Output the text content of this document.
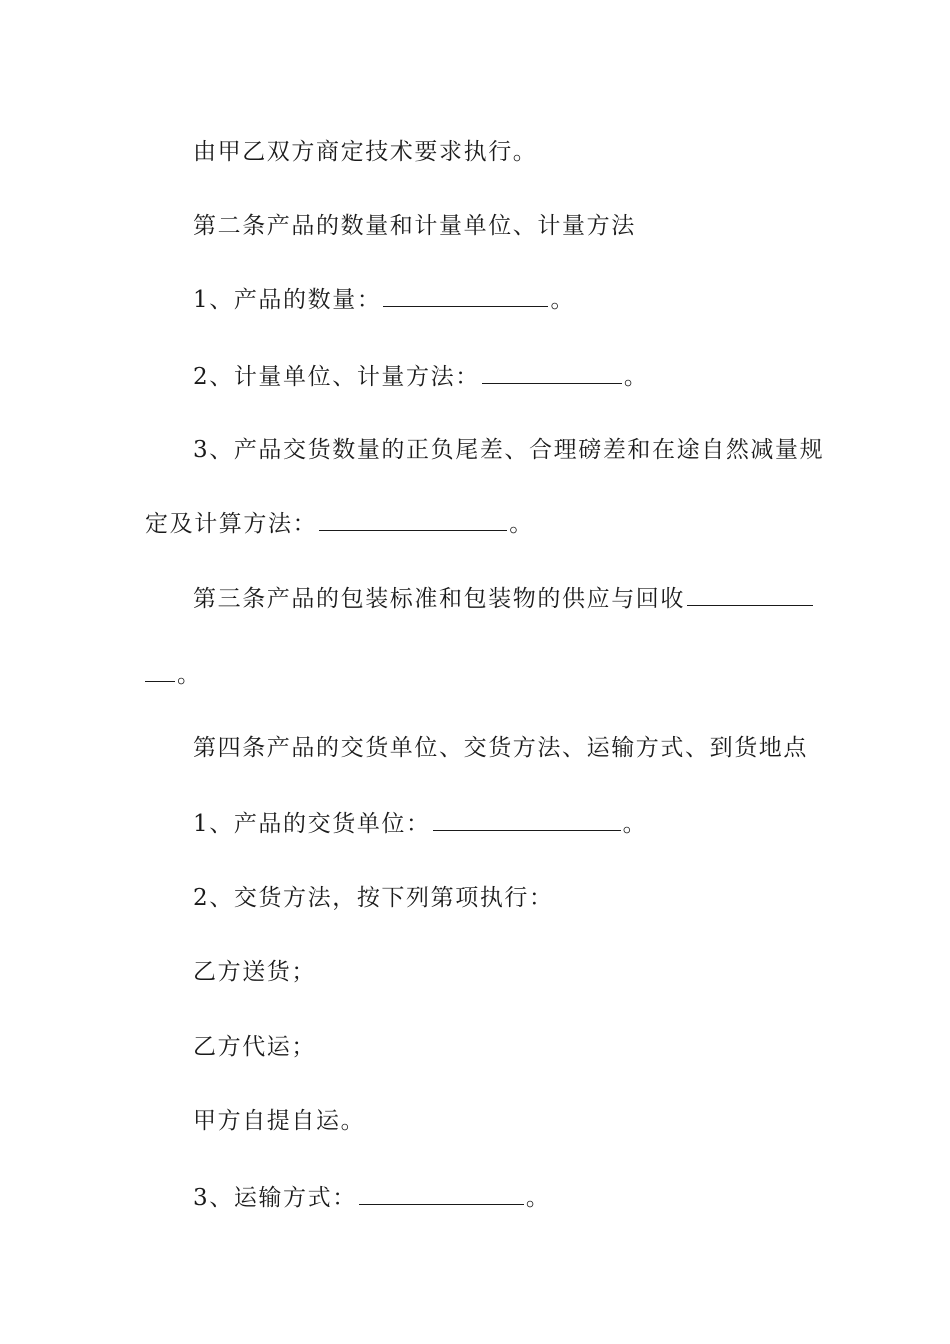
由甲乙双方商定技术要求执行。
第二条产品的数量和计量单位、计量方法
1、产品的数量：	。
2、计量单位、计量方法：	。
3、产品交货数量的正负尾差、合理磅差和在途自然减量规
定及计算方法：	。
第三条产品的包装标准和包装物的供应与回收
。
第四条产品的交货单位、交货方法、运输方式、到货地点
1、产品的交货单位：	。
2、交货方法，按下列第项执行：
乙方送货；
乙方代运；
甲方自提自运。
3、运输方式：	。
